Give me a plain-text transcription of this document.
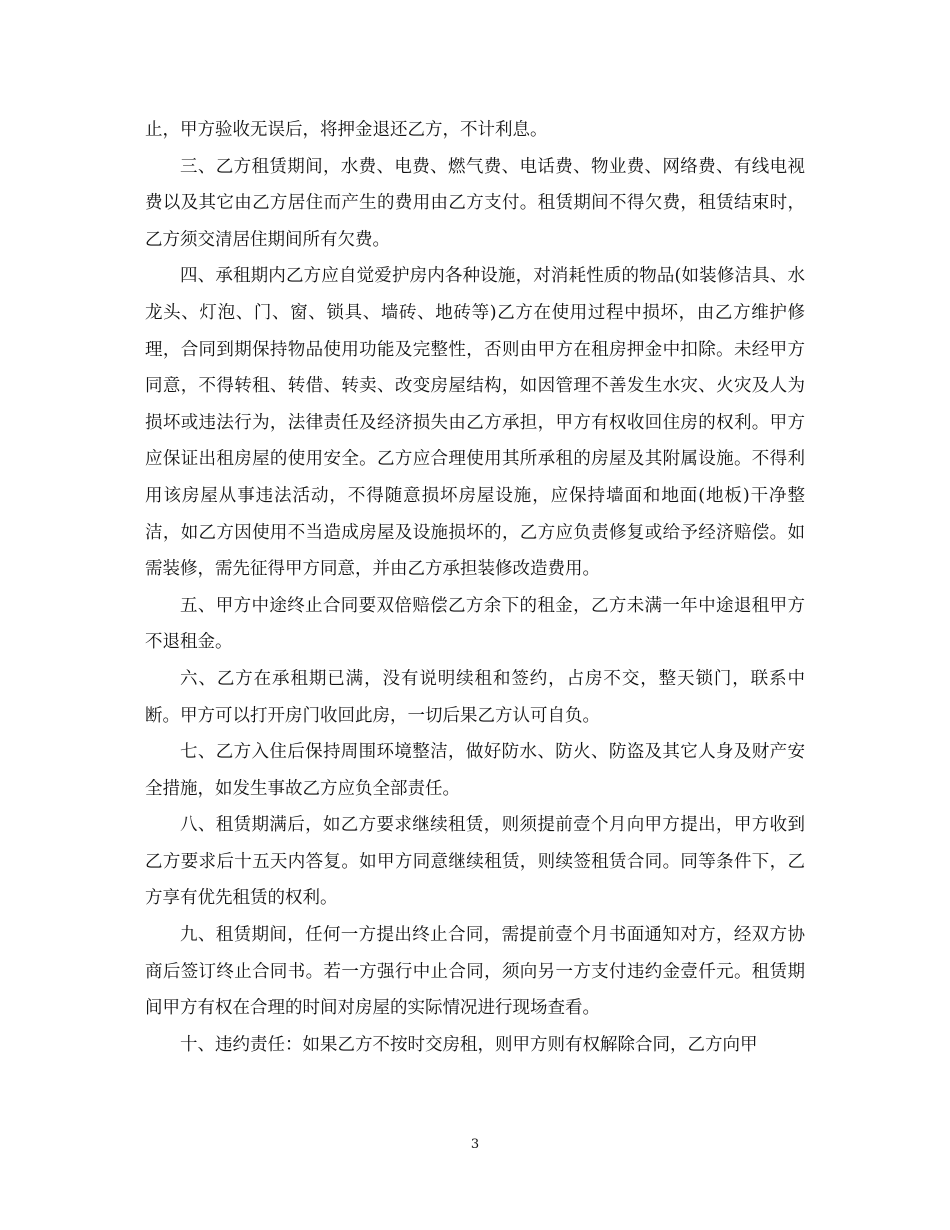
止，甲方验收无误后，将押金退还乙方，不计利息。

三、乙方租赁期间，水费、电费、燃气费、电话费、物业费、网络费、有线电视费以及其它由乙方居住而产生的费用由乙方支付。租赁期间不得欠费，租赁结束时，乙方须交清居住期间所有欠费。

四、承租期内乙方应自觉爱护房内各种设施，对消耗性质的物品(如装修洁具、水龙头、灯泡、门、窗、锁具、墙砖、地砖等)乙方在使用过程中损坏，由乙方维护修理，合同到期保持物品使用功能及完整性，否则由甲方在租房押金中扣除。未经甲方同意，不得转租、转借、转卖、改变房屋结构，如因管理不善发生水灾、火灾及人为损坏或违法行为，法律责任及经济损失由乙方承担，甲方有权收回住房的权利。甲方应保证出租房屋的使用安全。乙方应合理使用其所承租的房屋及其附属设施。不得利用该房屋从事违法活动，不得随意损坏房屋设施，应保持墙面和地面(地板)干净整洁，如乙方因使用不当造成房屋及设施损坏的，乙方应负责修复或给予经济赔偿。如需装修，需先征得甲方同意，并由乙方承担装修改造费用。

五、甲方中途终止合同要双倍赔偿乙方余下的租金，乙方未满一年中途退租甲方不退租金。

六、乙方在承租期已满，没有说明续租和签约，占房不交，整天锁门，联系中断。甲方可以打开房门收回此房，一切后果乙方认可自负。

七、乙方入住后保持周围环境整洁，做好防水、防火、防盗及其它人身及财产安全措施，如发生事故乙方应负全部责任。

八、租赁期满后，如乙方要求继续租赁，则须提前壹个月向甲方提出，甲方收到乙方要求后十五天内答复。如甲方同意继续租赁，则续签租赁合同。同等条件下，乙方享有优先租赁的权利。

九、租赁期间，任何一方提出终止合同，需提前壹个月书面通知对方，经双方协商后签订终止合同书。若一方强行中止合同，须向另一方支付违约金壹仟元。租赁期间甲方有权在合理的时间对房屋的实际情况进行现场查看。

十、违约责任：如果乙方不按时交房租，则甲方则有权解除合同，乙方向甲

3
